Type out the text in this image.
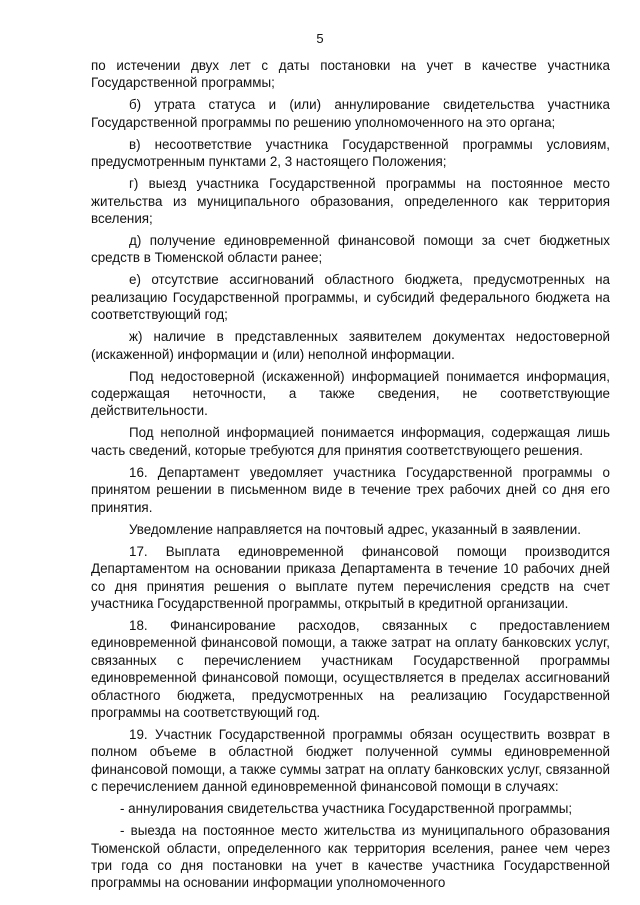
5

по истечении двух лет с даты постановки на учет в качестве участника Государственной программы;

б) утрата статуса и (или) аннулирование свидетельства участника Государственной программы по решению уполномоченного на это органа;

в) несоответствие участника Государственной программы условиям, предусмотренным пунктами 2, 3 настоящего Положения;

г) выезд участника Государственной программы на постоянное место жительства из муниципального образования, определенного как территория вселения;

д) получение единовременной финансовой помощи за счет бюджетных средств в Тюменской области ранее;

е) отсутствие ассигнований областного бюджета, предусмотренных на реализацию Государственной программы, и субсидий федерального бюджета на соответствующий год;

ж) наличие в представленных заявителем документах недостоверной (искаженной) информации и (или) неполной информации.

Под недостоверной (искаженной) информацией понимается информация, содержащая неточности, а также сведения, не соответствующие действительности.

Под неполной информацией понимается информация, содержащая лишь часть сведений, которые требуются для принятия соответствующего решения.

16. Департамент уведомляет участника Государственной программы о принятом решении в письменном виде в течение трех рабочих дней со дня его принятия.

Уведомление направляется на почтовый адрес, указанный в заявлении.

17. Выплата единовременной финансовой помощи производится Департаментом на основании приказа Департамента в течение 10 рабочих дней со дня принятия решения о выплате путем перечисления средств на счет участника Государственной программы, открытый в кредитной организации.

18. Финансирование расходов, связанных с предоставлением единовременной финансовой помощи, а также затрат на оплату банковских услуг, связанных с перечислением участникам Государственной программы единовременной финансовой помощи, осуществляется в пределах ассигнований областного бюджета, предусмотренных на реализацию Государственной программы на соответствующий год.

19. Участник Государственной программы обязан осуществить возврат в полном объеме в областной бюджет полученной суммы единовременной финансовой помощи, а также суммы затрат на оплату банковских услуг, связанной с перечислением данной единовременной финансовой помощи в случаях:

- аннулирования свидетельства участника Государственной программы;

- выезда на постоянное место жительства из муниципального образования Тюменской области, определенного как территория вселения, ранее чем через три года со дня постановки на учет в качестве участника Государственной программы на основании информации уполномоченного
